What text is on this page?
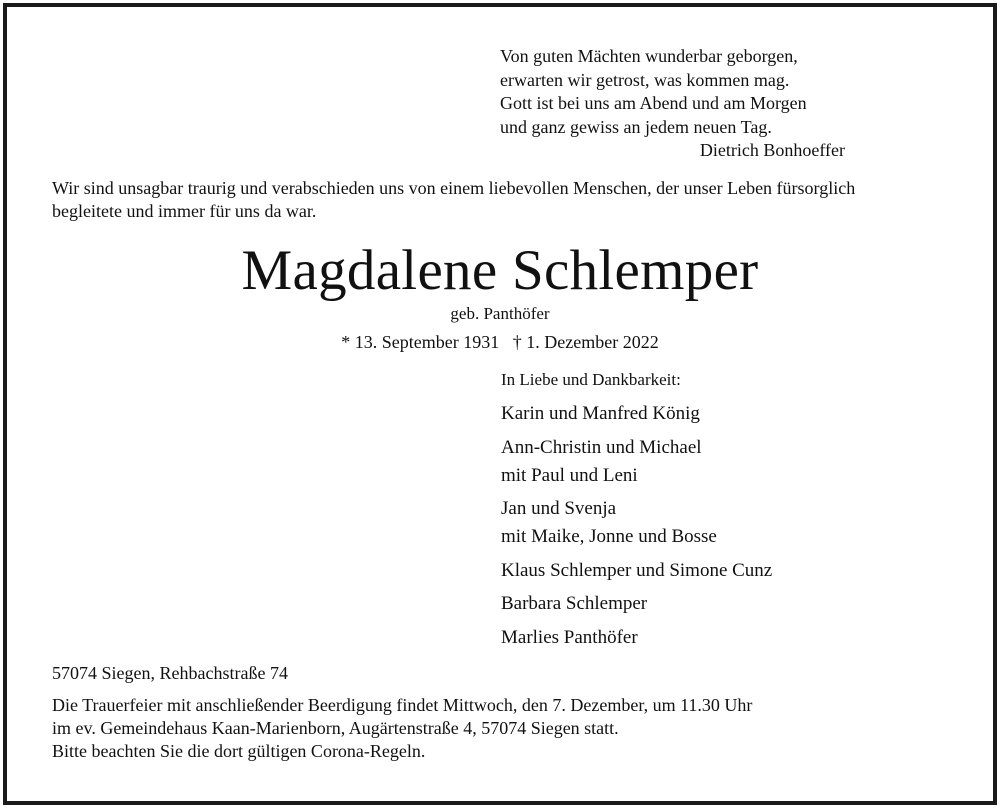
Von guten Mächten wunderbar geborgen,
erwarten wir getrost, was kommen mag.
Gott ist bei uns am Abend und am Morgen
und ganz gewiss an jedem neuen Tag.
Dietrich Bonhoeffer
Wir sind unsagbar traurig und verabschieden uns von einem liebevollen Menschen, der unser Leben fürsorglich
begleitete und immer für uns da war.
Magdalene Schlemper
geb. Panthöfer
* 13. September 1931   † 1. Dezember 2022
In Liebe und Dankbarkeit:
Karin und Manfred König
Ann-Christin und Michael
mit Paul und Leni
Jan und Svenja
mit Maike, Jonne und Bosse
Klaus Schlemper und Simone Cunz
Barbara Schlemper
Marlies Panthöfer
57074 Siegen, Rehbachstraße 74
Die Trauerfeier mit anschließender Beerdigung findet Mittwoch, den 7. Dezember, um 11.30 Uhr
im ev. Gemeindehaus Kaan-Marienborn, Augärtenstraße 4, 57074 Siegen statt.
Bitte beachten Sie die dort gültigen Corona-Regeln.
